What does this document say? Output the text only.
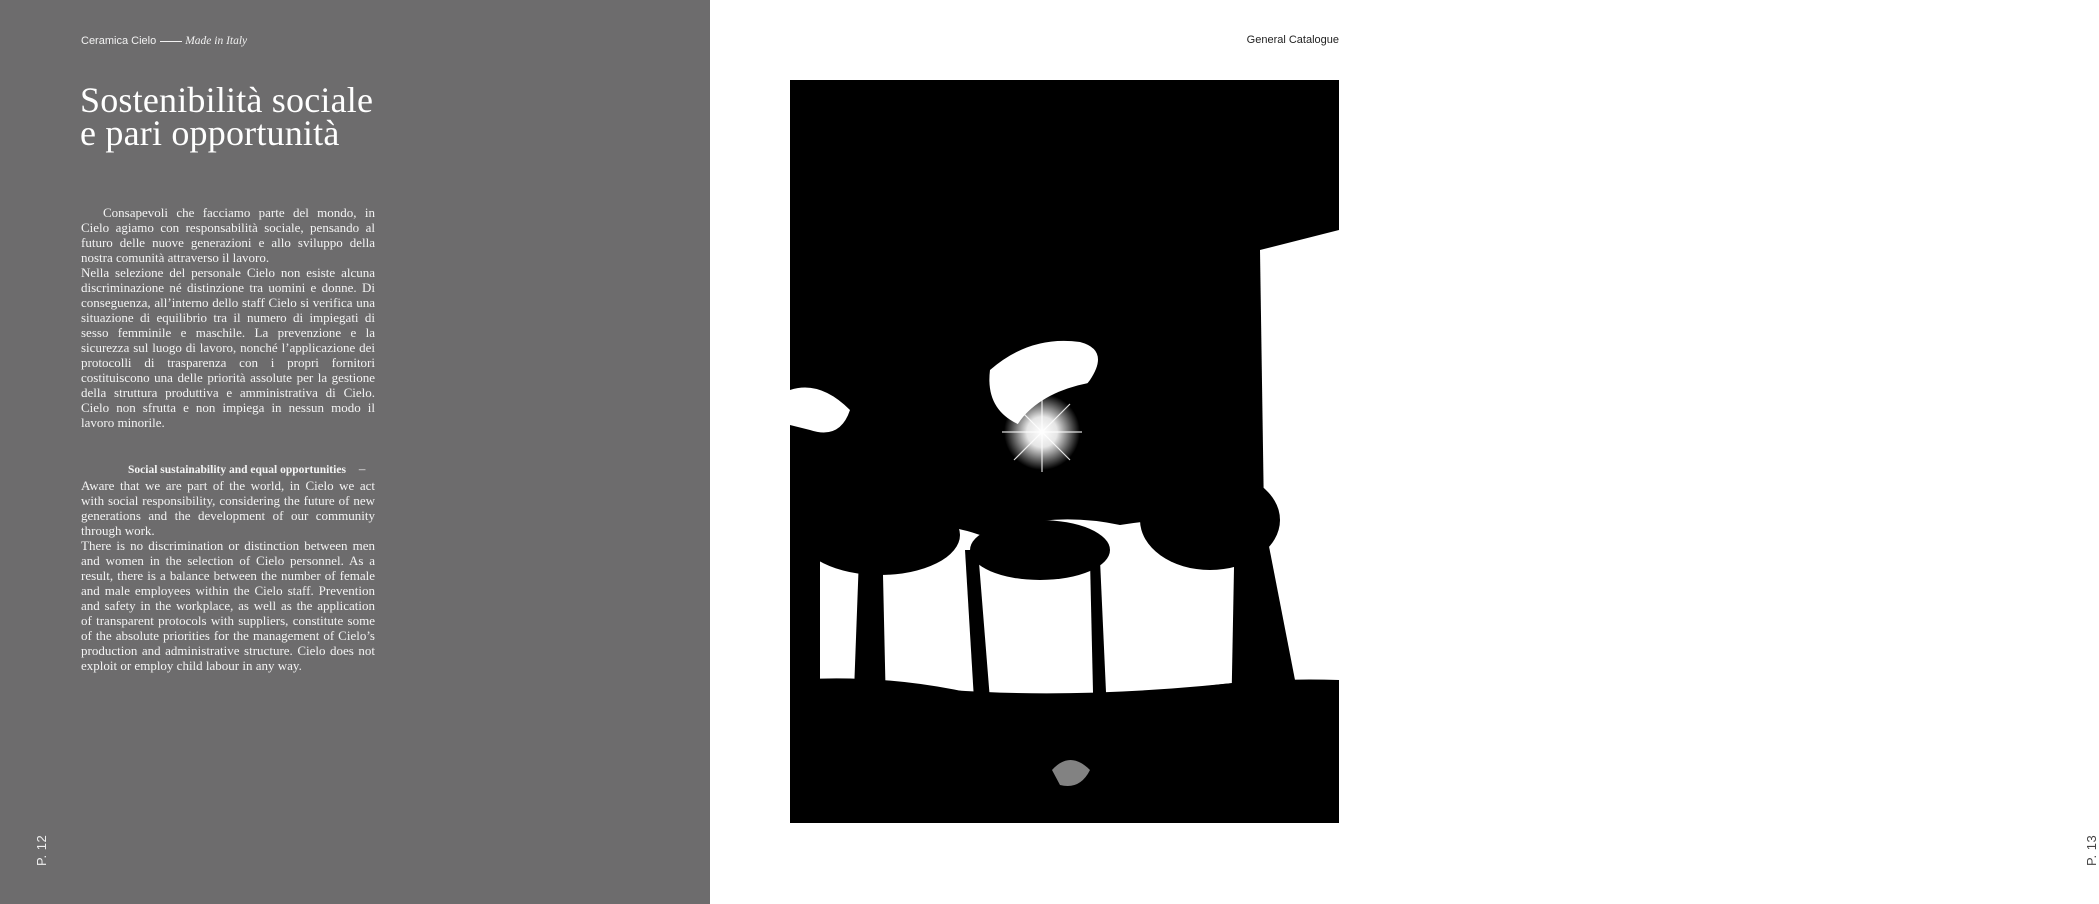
Ceramica Cielo	Made in Italy
Sostenibilità sociale
e pari opportunità

Consapevoli che facciamo parte del mondo, in Cielo agiamo con responsabilità sociale, pensando al futuro delle nuove generazioni e allo sviluppo della nostra comunità attraverso il lavoro.

Nella selezione del personale Cielo non esiste alcuna discriminazione né distinzione tra uomini e donne. Di conseguenza, all’interno dello staff Cielo si verifica una situazione di equilibrio tra il numero di impiegati di sesso femminile e maschile. La prevenzione e la sicurezza sul luogo di lavoro, nonché l’applicazione dei protocolli di trasparenza con i propri fornitori costituiscono una delle priorità assolute per la gestione della struttura produttiva e amministrativa di Cielo. Cielo non sfrutta e non impiega in nessun modo il lavoro minorile.

Social sustainability and equal opportunities –

Aware that we are part of the world, in Cielo we act with social responsibility, considering the future of new generations and the development of our community through work.

There is no discrimination or distinction between men and women in the selection of Cielo personnel. As a result, there is a balance between the number of female and male employees within the Cielo staff. Prevention and safety in the workplace, as well as the application of transparent protocols with suppliers, constitute some of the absolute priorities for the management of Cielo’s production and administrative structure. Cielo does not exploit or employ child labour in any way.

P. 12
General Catalogue
P. 13
